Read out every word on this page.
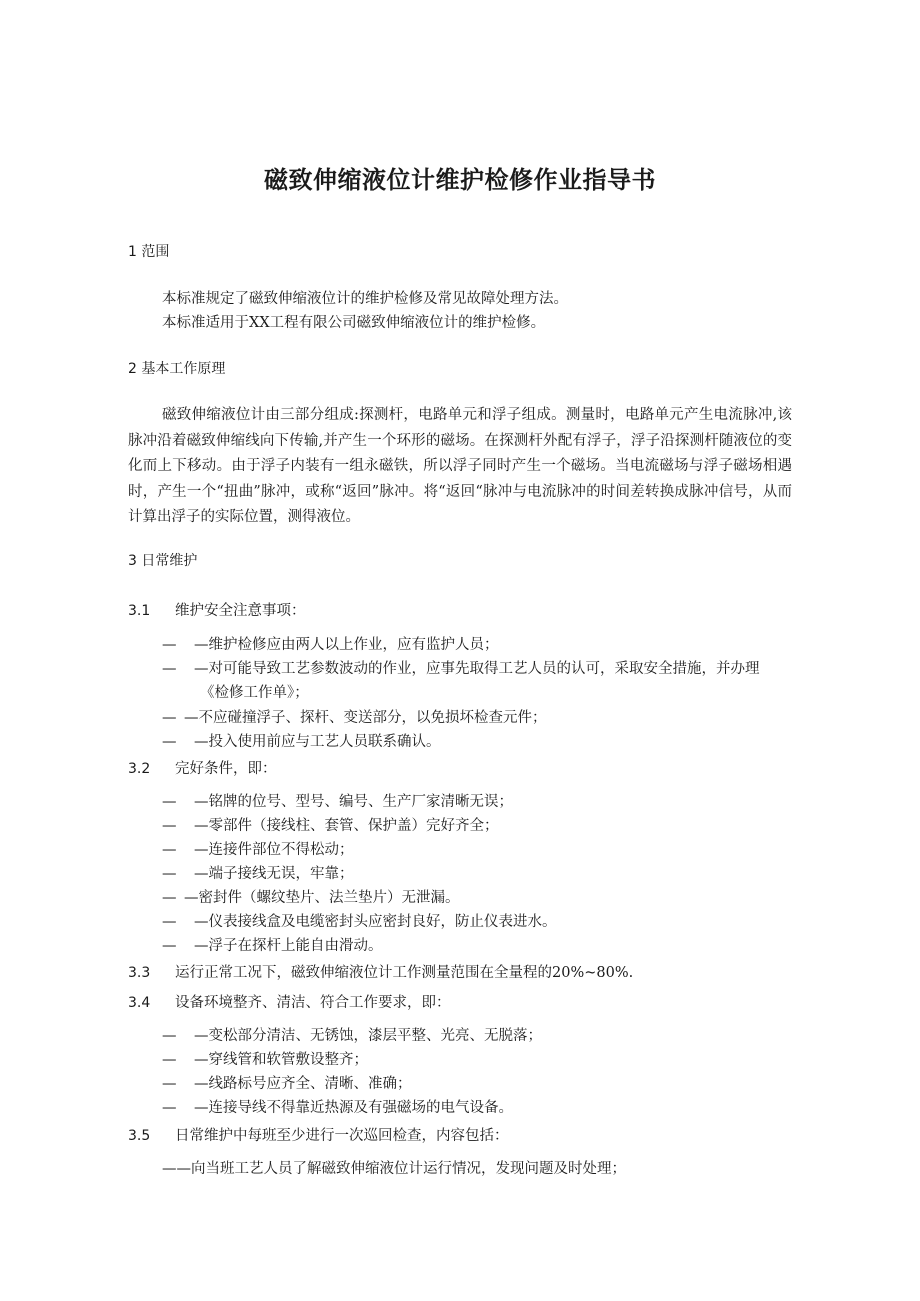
磁致伸缩液位计维护检修作业指导书
1 范围
本标准规定了磁致伸缩液位计的维护检修及常见故障处理方法。
本标准适用于XX工程有限公司磁致伸缩液位计的维护检修。
2 基本工作原理
磁致伸缩液位计由三部分组成:探测杆，电路单元和浮子组成。测量时，电路单元产生电流脉冲,该脉冲沿着磁致伸缩线向下传输,并产生一个环形的磁场。在探测杆外配有浮子，浮子沿探测杆随液位的变化而上下移动。由于浮子内装有一组永磁铁，所以浮子同时产生一个磁场。当电流磁场与浮子磁场相遇时，产生一个“扭曲”脉冲，或称“返回”脉冲。将“返回“脉冲与电流脉冲的时间差转换成脉冲信号，从而计算出浮子的实际位置，测得液位。
3 日常维护
3.1 维护安全注意事项：
— —维护检修应由两人以上作业，应有监护人员；
— —对可能导致工艺参数波动的作业，应事先取得工艺人员的认可，采取安全措施，并办理
《检修工作单》；
— —不应碰撞浮子、探杆、变送部分，以免损坏检查元件；
— —投入使用前应与工艺人员联系确认。
3.2 完好条件，即：
— —铭牌的位号、型号、编号、生产厂家清晰无误；
— —零部件（接线柱、套管、保护盖）完好齐全；
— —连接件部位不得松动；
— —端子接线无误，牢靠；
— —密封件（螺纹垫片、法兰垫片）无泄漏。
— —仪表接线盒及电缆密封头应密封良好，防止仪表进水。
— —浮子在探杆上能自由滑动。
3.3 运行正常工况下，磁致伸缩液位计工作测量范围在全量程的20%~80%.
3.4 设备环境整齐、清洁、符合工作要求，即：
— —变松部分清洁、无锈蚀，漆层平整、光亮、无脱落；
— —穿线管和软管敷设整齐；
— —线路标号应齐全、清晰、准确；
— —连接导线不得靠近热源及有强磁场的电气设备。
3.5 日常维护中每班至少进行一次巡回检查，内容包括：
——向当班工艺人员了解磁致伸缩液位计运行情况，发现问题及时处理；
